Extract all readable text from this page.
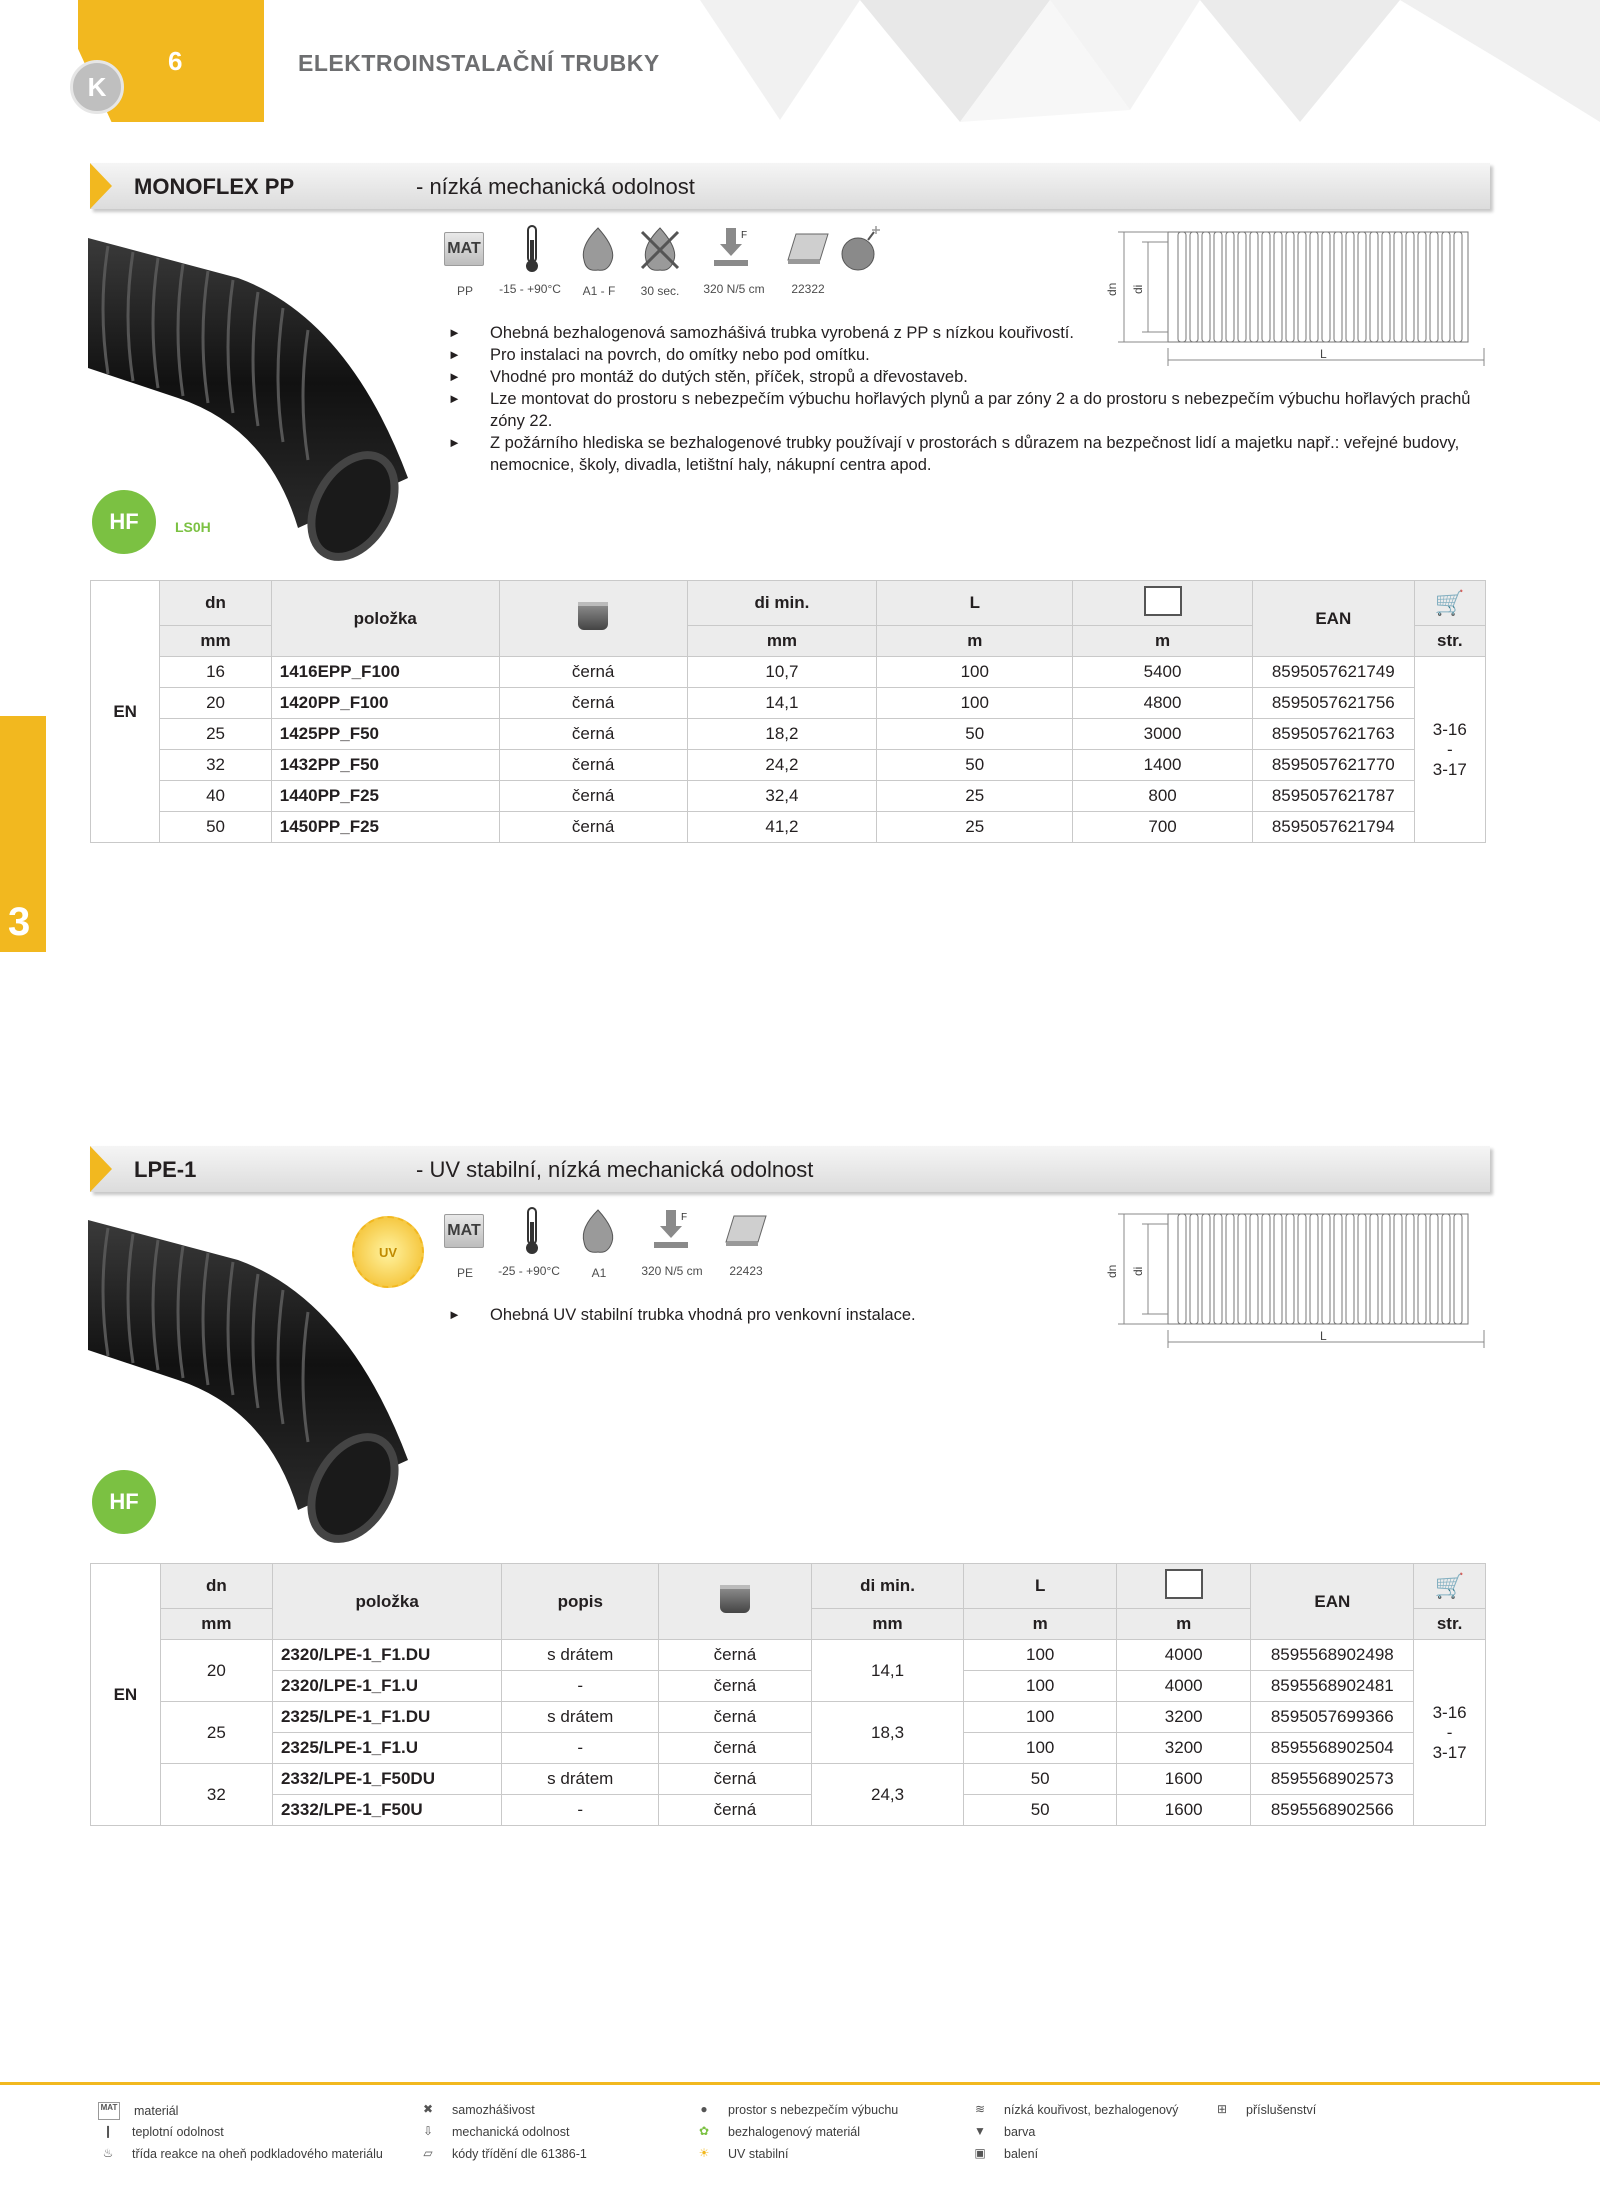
6
K
ELEKTROINSTALAČNÍ TRUBKY
3
MONOFLEX PP	- nízká mechanická odolnost
HF	LS0H
MAT
F
PP	-15 - +90°C	A1 - F	30 sec.	320 N/5 cm	22322	dn di
L
► Ohebná bezhalogenová samozhášivá trubka vyrobená z PP s nízkou kouřivostí.
► Pro instalaci na povrch, do omítky nebo pod omítku.
► Vhodné pro montáž do dutých stěn, příček, stropů a dřevostaveb.
► Lze montovat do prostoru s nebezpečím výbuchu hořlavých plynů a par zóny 2 a do prostoru s nebezpečím výbuchu hořlavých prachů zóny 22.
► Z požárního hlediska se bezhalogenové trubky používají v prostorách s důrazem na bezpečnost lidí a majetku např.: veřejné budovy, nemocnice, školy, divadla, letištní haly, nákupní centra apod.
EN	dn	položka		di min.	L		EAN	🛒
	mm			mm	m	m		str.
	16	1416EPP_F100	černá	10,7	100	5400	8595057621749	3-16
-
3-17
	20	1420PP_F100	černá	14,1	100	4800	8595057621756	
	25	1425PP_F50	černá	18,2	50	3000	8595057621763	
	32	1432PP_F50	černá	24,2	50	1400	8595057621770	
	40	1440PP_F25	černá	32,4	25	800	8595057621787	
	50	1450PP_F25	černá	41,2	25	700	8595057621794	
LPE-1	- UV stabilní, nízká mechanická odolnost
HF
UV
MAT
F
PE	-25 - +90°C	A1	320 N/5 cm	22423	dn di
L
► Ohebná UV stabilní trubka vhodná pro venkovní instalace.
EN	dn	položka	popis		di min.	L		EAN	🛒
	mm				mm	m	m		str.
	20	2320/LPE-1_F1.DU	s drátem	černá	14,1	100	4000	8595568902498	3-16
-
3-17
		2320/LPE-1_F1.U	-	černá		100	4000	8595568902481	
	25	2325/LPE-1_F1.DU	s drátem	černá	18,3	100	3200	8595057699366	
		2325/LPE-1_F1.U	-	černá		100	3200	8595568902504	
	32	2332/LPE-1_F50DU	s drátem	černá	24,3	50	1600	8595568902573	
		2332/LPE-1_F50U	-	černá		50	1600	8595568902566	
MAT materiál
❙	teplotní odolnost
♨	třída reakce na oheň podkladového materiálu
✖	samozhášivost
⇩	mechanická odolnost
▱	kódy třídění dle 61386-1
●	prostor s nebezpečím výbuchu
✿	bezhalogenový materiál
☀	UV stabilní
≋	nízká kouřivost, bezhalogenový
▼	barva
▣	balení
⊞	příslušenství
